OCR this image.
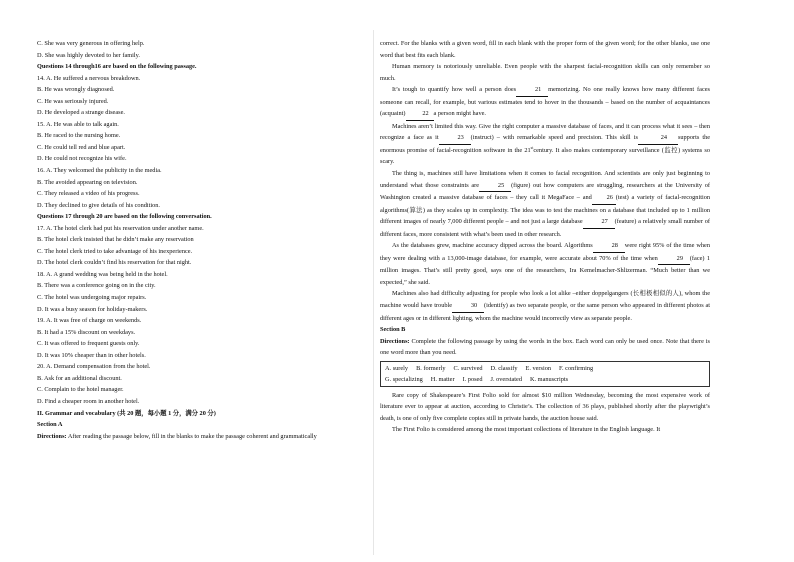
C. She was very generous in offering help.
D. She was highly devoted to her family.
Questions 14 through16 are based on the following passage.
14. A. He suffered a nervous breakdown.
B. He was wrongly diagnosed.
C. He was seriously injured.
D. He developed a strange disease.
15. A. He was able to talk again.
B. He raced to the nursing home.
C. He could tell red and blue apart.
D. He could not recognize his wife.
16. A. They welcomed the publicity in the media.
B. The avoided appearing on television.
C. They released a video of his progress.
D. They declined to give details of his condition.
Questions 17 through 20 are based on the following conversation.
17. A. The hotel clerk had put his reservation under another name.
B. The hotel clerk insisted that he didn’t make any reservation
C. The hotel clerk tried to take advantage of his inexperience.
D. The hotel clerk couldn’t find his reservation for that night.
18. A. A grand wedding was being held in the hotel.
B. There was a conference going on in the city.
C. The hotel was undergoing major repairs.
D. It was a busy season for holiday-makers.
19. A. It was free of charge on weekends.
B. It had a 15% discount on weekdays.
C. It was offered to frequent guests only.
D. It was 10% cheaper than in other hotels.
20. A. Demand compensation from the hotel.
B. Ask for an additional discount.
C. Complain to the hotel manager.
D. Find a cheaper room in another hotel.
II. Grammar and vocabulary (共 20 题，每小题 1 分，满分 20 分)
Section A

Directions: After reading the passage below, fill in the blanks to make the passage coherent and grammatically

correct. For the blanks with a given word, fill in each blank with the proper form of the given word; for the other blanks, use one word that best fits each blank.

Human memory is notoriously unreliable. Even people with the sharpest facial-recognition skills can only remember so much.

It’s tough to quantify how well a person does	21 memorizing. No one really knows how many different faces someone can recall, for example, but various estimates tend to hover in the thousands – based on the number of acquaintances (acquaint)	22 a person might have.

Machines aren’t limited this way. Give the right computer a massive database of faces, and it can process what it sees – then recognize a face as it	23 (instruct) – with remarkable speed and precision. This skill is	24 supports the enormous promise of facial-recognition software in the 21stcentury. It also makes contemporary surveillance (监控) systems so scary.

The thing is, machines still have limitations when it comes to facial recognition. And scientists are only just beginning to understand what those constraints are	25 (figure) out how computers are struggling, researchers at the University of Washington created a massive database of faces – they call it MegaFace – and 26 (test) a variety of facial-recognition algorithms(算法) as they scales up in complexity. The idea was to test the machines on a database that included up to 1 million different images of nearly 7,000 different people – and not just a large database	27 (feature) a relatively small number of different faces, more consistent with what’s been used in other research.

As the databases grew, machine accuracy dipped across the board. Algorithms	28 were right 95% of the time when they were dealing with a 13,000-image database, for example, were accurate about 70% of the time when	29 (face) 1 million images. That’s still pretty good, says one of the researchers, Ira Kemelmacher-Shlizerman. “Much better than we expected,” she said.

Machines also had difficulty adjusting for people who look a lot alike –either doppelgangers (长相极相似的人), whom the machine would have trouble	30 (identify) as two separate people, or the same person who appeared in different photos at different ages or in different lighting, whom the machine would incorrectly view as separate people.

Section B

Directions: Complete the following passage by using the words in the box. Each word can only be used once. Note that there is one word more than you need.

A. surely B. formerly C. survived D. classify E. version F. confirming
G. specializing H. matter I. posed J. overstated K. manuscripts

Rare copy of Shakespeare’s First Folio sold for almost $10 million Wednesday, becoming the most expensive work of literature ever to appear at auction, according to Christie’s. The collection of 36 plays, published shortly after the playwright’s death, is one of only five complete copies still in private hands, the auction house said.

The First Folio is considered among the most important collections of literature in the English language. It
